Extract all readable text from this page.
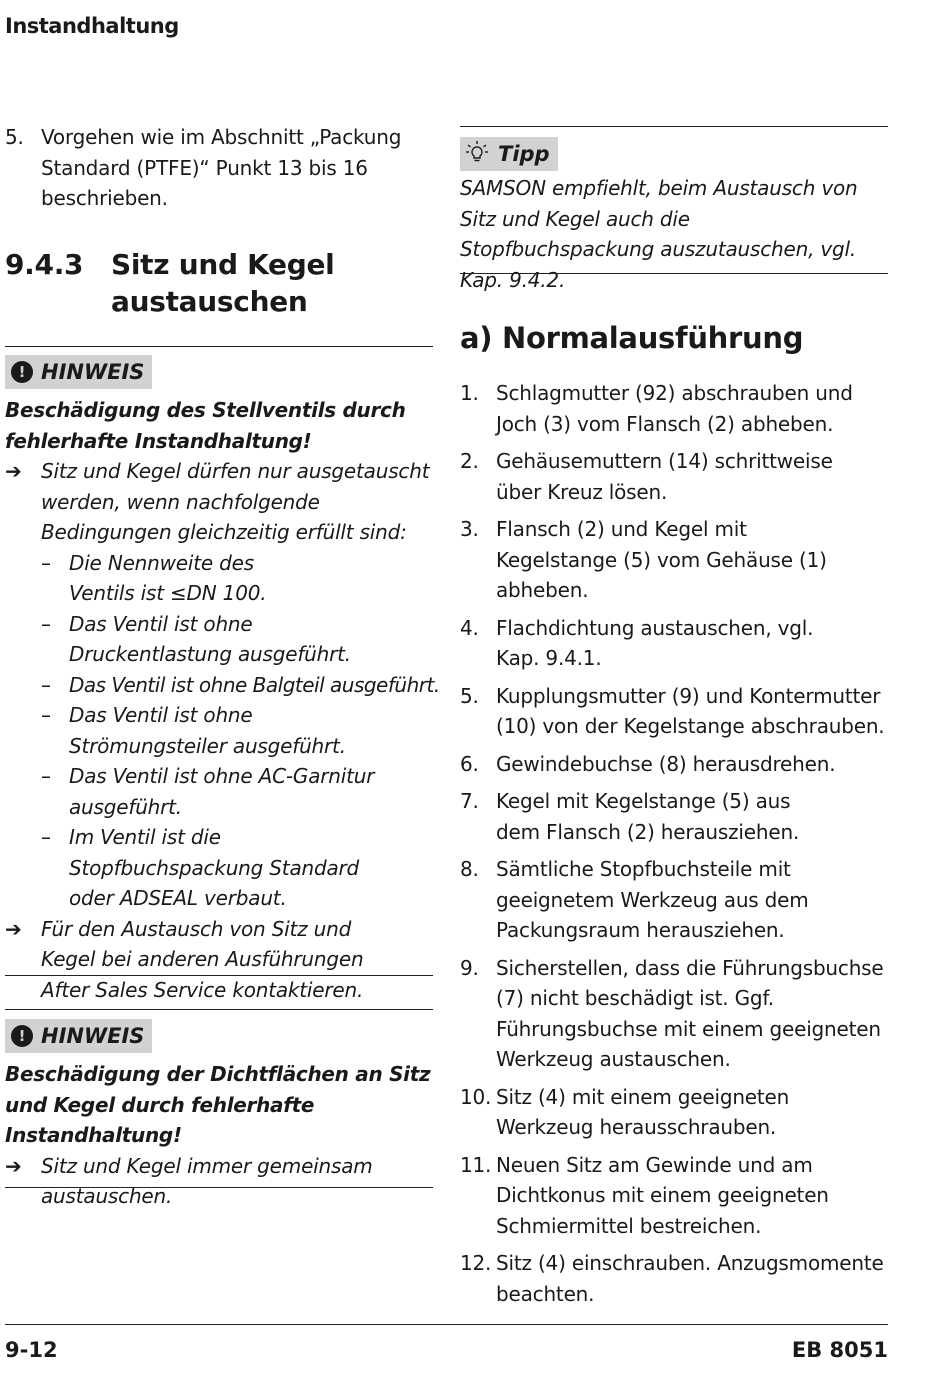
Instandhaltung
5. Vorgehen wie im Abschnitt „Packung Standard (PTFE)“ Punkt 13 bis 16 beschrieben.
9.4.3 Sitz und Kegel austauschen
! HINWEIS
Beschädigung des Stellventils durch fehlerhafte Instandhaltung!
➔ Sitz und Kegel dürfen nur ausgetauscht werden, wenn nachfolgende Bedingungen gleichzeitig erfüllt sind:
– Die Nennweite des Ventils ist ≤DN 100.
– Das Ventil ist ohne Druckentlastung ausgeführt.
– Das Ventil ist ohne Balgteil ausgeführt.
– Das Ventil ist ohne Strömungsteiler ausgeführt.
– Das Ventil ist ohne AC-Garnitur ausgeführt.
– Im Ventil ist die Stopfbuchspackung Standard oder ADSEAL verbaut.
➔ Für den Austausch von Sitz und Kegel bei anderen Ausführungen After Sales Service kontaktieren.
! HINWEIS
Beschädigung der Dichtflächen an Sitz und Kegel durch fehlerhafte Instandhaltung!
➔ Sitz und Kegel immer gemeinsam austauschen.
Tipp
SAMSON empfiehlt, beim Austausch von Sitz und Kegel auch die Stopfbuchspackung auszutauschen, vgl. Kap. 9.4.2.
a) Normalausführung
1. Schlagmutter (92) abschrauben und Joch (3) vom Flansch (2) abheben.
2. Gehäusemuttern (14) schrittweise über Kreuz lösen.
3. Flansch (2) und Kegel mit Kegelstange (5) vom Gehäuse (1) abheben.
4. Flachdichtung austauschen, vgl. Kap. 9.4.1.
5. Kupplungsmutter (9) und Kontermutter (10) von der Kegelstange abschrauben.
6. Gewindebuchse (8) herausdrehen.
7. Kegel mit Kegelstange (5) aus dem Flansch (2) herausziehen.
8. Sämtliche Stopfbuchsteile mit geeignetem Werkzeug aus dem Packungsraum herausziehen.
9. Sicherstellen, dass die Führungsbuchse (7) nicht beschädigt ist. Ggf. Führungsbuchse mit einem geeigneten Werkzeug austauschen.
10. Sitz (4) mit einem geeigneten Werkzeug herausschrauben.
11. Neuen Sitz am Gewinde und am Dichtkonus mit einem geeigneten Schmiermittel bestreichen.
12. Sitz (4) einschrauben. Anzugsmomente beachten.
9-12	EB 8051
